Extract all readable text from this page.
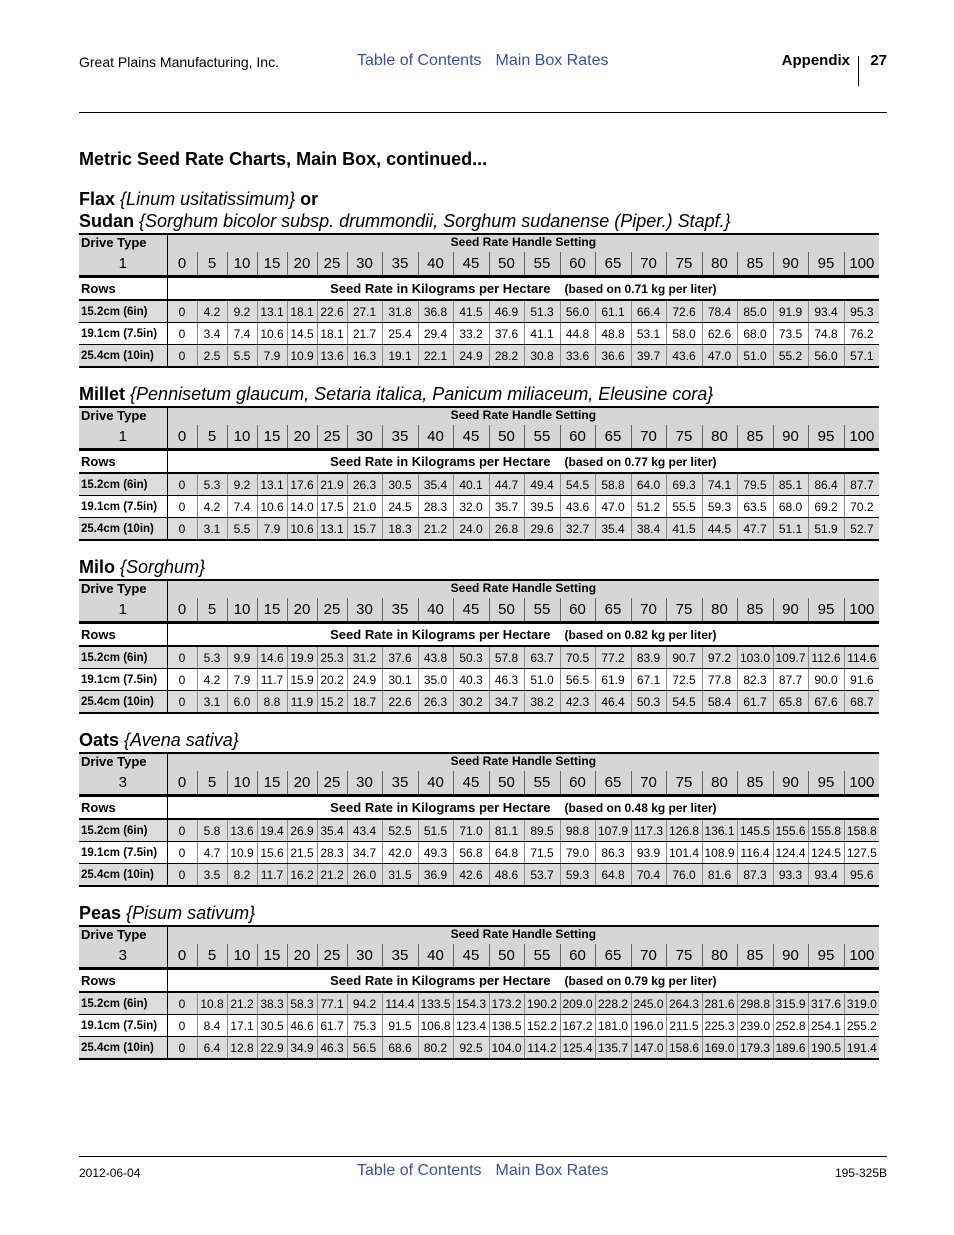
Great Plains Manufacturing, Inc.	Table of Contents Main Box Rates	Appendix 27
Metric Seed Rate Charts, Main Box, continued...
Flax {Linum usitatissimum} or
Sudan {Sorghum bicolor subsp. drummondii, Sorghum sudanense (Piper.) Stapf.}
Drive Type	Seed Rate Handle Setting																				
1	0	5	10	15	20	25	30	35	40	45	50	55	60	65	70	75	80	85	90	95	100
Rows	Seed Rate in Kilograms per Hectare (based on 0.71 kg per liter)																				
15.2cm (6in)	0	4.2	9.2	13.1	18.1	22.6	27.1	31.8	36.8	41.5	46.9	51.3	56.0	61.1	66.4	72.6	78.4	85.0	91.9	93.4	95.3
19.1cm (7.5in)	0	3.4	7.4	10.6	14.5	18.1	21.7	25.4	29.4	33.2	37.6	41.1	44.8	48.8	53.1	58.0	62.6	68.0	73.5	74.8	76.2
25.4cm (10in)	0	2.5	5.5	7.9	10.9	13.6	16.3	19.1	22.1	24.9	28.2	30.8	33.6	36.6	39.7	43.6	47.0	51.0	55.2	56.0	57.1
Millet {Pennisetum glaucum, Setaria italica, Panicum miliaceum, Eleusine cora}
Drive Type	Seed Rate Handle Setting																				
1	0	5	10	15	20	25	30	35	40	45	50	55	60	65	70	75	80	85	90	95	100
Rows	Seed Rate in Kilograms per Hectare (based on 0.77 kg per liter)																				
15.2cm (6in)	0	5.3	9.2	13.1	17.6	21.9	26.3	30.5	35.4	40.1	44.7	49.4	54.5	58.8	64.0	69.3	74.1	79.5	85.1	86.4	87.7
19.1cm (7.5in)	0	4.2	7.4	10.6	14.0	17.5	21.0	24.5	28.3	32.0	35.7	39.5	43.6	47.0	51.2	55.5	59.3	63.5	68.0	69.2	70.2
25.4cm (10in)	0	3.1	5.5	7.9	10.6	13.1	15.7	18.3	21.2	24.0	26.8	29.6	32.7	35.4	38.4	41.5	44.5	47.7	51.1	51.9	52.7
Milo {Sorghum}
Drive Type	Seed Rate Handle Setting																				
1	0	5	10	15	20	25	30	35	40	45	50	55	60	65	70	75	80	85	90	95	100
Rows	Seed Rate in Kilograms per Hectare (based on 0.82 kg per liter)																				
15.2cm (6in)	0	5.3	9.9	14.6	19.9	25.3	31.2	37.6	43.8	50.3	57.8	63.7	70.5	77.2	83.9	90.7	97.2	103.0	109.7	112.6	114.6
19.1cm (7.5in)	0	4.2	7.9	11.7	15.9	20.2	24.9	30.1	35.0	40.3	46.3	51.0	56.5	61.9	67.1	72.5	77.8	82.3	87.7	90.0	91.6
25.4cm (10in)	0	3.1	6.0	8.8	11.9	15.2	18.7	22.6	26.3	30.2	34.7	38.2	42.3	46.4	50.3	54.5	58.4	61.7	65.8	67.6	68.7
Oats {Avena sativa}
Drive Type	Seed Rate Handle Setting																				
3	0	5	10	15	20	25	30	35	40	45	50	55	60	65	70	75	80	85	90	95	100
Rows	Seed Rate in Kilograms per Hectare (based on 0.48 kg per liter)																				
15.2cm (6in)	0	5.8	13.6	19.4	26.9	35.4	43.4	52.5	51.5	71.0	81.1	89.5	98.8	107.9	117.3	126.8	136.1	145.5	155.6	155.8	158.8
19.1cm (7.5in)	0	4.7	10.9	15.6	21.5	28.3	34.7	42.0	49.3	56.8	64.8	71.5	79.0	86.3	93.9	101.4	108.9	116.4	124.4	124.5	127.5
25.4cm (10in)	0	3.5	8.2	11.7	16.2	21.2	26.0	31.5	36.9	42.6	48.6	53.7	59.3	64.8	70.4	76.0	81.6	87.3	93.3	93.4	95.6
Peas {Pisum sativum}
Drive Type	Seed Rate Handle Setting																				
3	0	5	10	15	20	25	30	35	40	45	50	55	60	65	70	75	80	85	90	95	100
Rows	Seed Rate in Kilograms per Hectare (based on 0.79 kg per liter)																				
15.2cm (6in)	0	10.8	21.2	38.3	58.3	77.1	94.2	114.4	133.5	154.3	173.2	190.2	209.0	228.2	245.0	264.3	281.6	298.8	315.9	317.6	319.0
19.1cm (7.5in)	0	8.4	17.1	30.5	46.6	61.7	75.3	91.5	106.8	123.4	138.5	152.2	167.2	181.0	196.0	211.5	225.3	239.0	252.8	254.1	255.2
25.4cm (10in)	0	6.4	12.8	22.9	34.9	46.3	56.5	68.6	80.2	92.5	104.0	114.2	125.4	135.7	147.0	158.6	169.0	179.3	189.6	190.5	191.4
2012-06-04	Table of Contents Main Box Rates	195-325B
